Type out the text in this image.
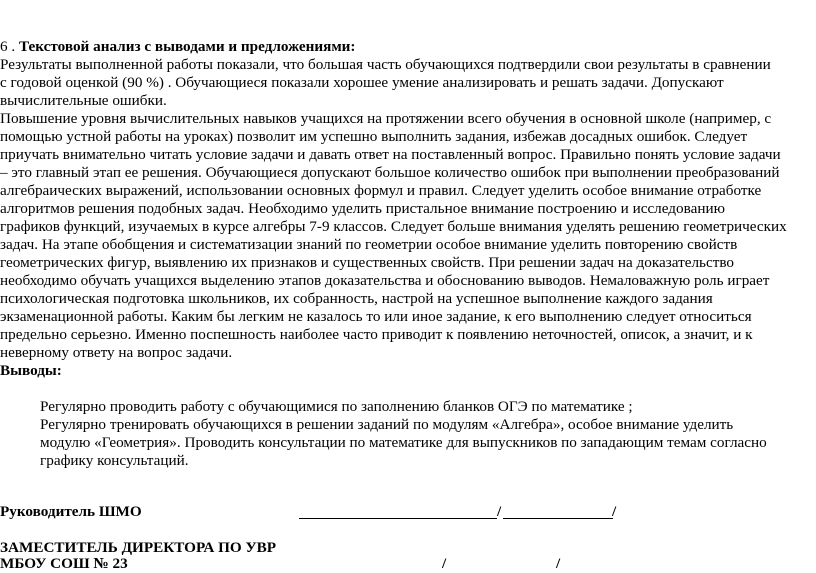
6 . Текстовой анализ с выводами и предложениями:
Результаты выполненной работы показали, что большая часть обучающихся подтвердили свои результаты в сравнении
с годовой оценкой (90 %) . Обучающиеся показали хорошее умение анализировать и решать задачи. Допускают
вычислительные ошибки.
Повышение уровня вычислительных навыков учащихся на протяжении всего обучения в основной школе (например, с
помощью устной работы на уроках) позволит им успешно выполнить задания, избежав досадных ошибок. Следует
приучать внимательно читать условие задачи и давать ответ на поставленный вопрос. Правильно понять условие задачи
– это главный этап ее решения. Обучающиеся допускают большое количество ошибок при выполнении преобразований
алгебраических выражений, использовании основных формул и правил. Следует уделить особое внимание отработке
алгоритмов решения подобных задач. Необходимо уделить пристальное внимание построению и исследованию
графиков функций, изучаемых в курсе алгебры 7-9 классов. Следует больше внимания уделять решению геометрических
задач. На этапе обобщения и систематизации знаний по геометрии особое внимание уделить повторению свойств
геометрических фигур, выявлению их признаков и существенных свойств. При решении задач на доказательство
необходимо обучать учащихся выделению этапов доказательства и обоснованию выводов. Немаловажную роль играет
психологическая подготовка школьников, их собранность, настрой на успешное выполнение каждого задания
экзаменационной работы. Каким бы легким не казалось то или иное задание, к его выполнению следует относиться
предельно серьезно. Именно поспешность наиболее часто приводит к появлению неточностей, описок, а значит, и к
неверному ответу на вопрос задачи.
Выводы:
Регулярно проводить работу с обучающимися по заполнению бланков ОГЭ по математике ;
Регулярно тренировать обучающихся в решении заданий по модулям «Алгебра», особое внимание уделить
модулю «Геометрия». Проводить консультации по математике для выпускников по западающим темам согласно
графику консультаций.
Руководитель ШМО	/	/
ЗАМЕСТИТЕЛЬ ДИРЕКТОРА ПО УВР
МБОУ СОШ № 23	/	/
